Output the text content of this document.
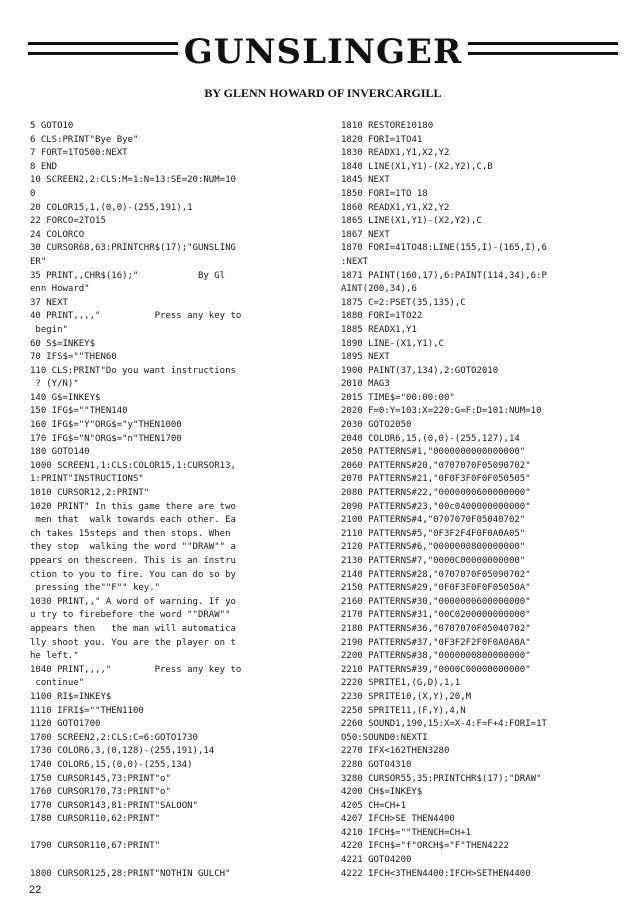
GUNSLINGER
BY GLENN HOWARD OF INVERCARGILL
5 GOTO10
6 CLS:PRINT"Bye Bye"
7 FORT=1TO500:NEXT
8 END
10 SCREEN2,2:CLS:M=1:N=13:SE=20:NUM=10
0
20 COLOR15,1,(0,0)-(255,191),1
22 FORCO=2TO15
24 COLORCO
30 CURSOR68,63:PRINTCHR$(17);"GUNSLING
ER"
35 PRINT,,CHR$(16);"           By Gl
enn Howard"
37 NEXT
40 PRINT,,,,"          Press any key to
begin"
60 S$=INKEY$
70 IFS$=""THEN60
110 CLS:PRINT"Do you want instructions
? (Y/N)"
140 G$=INKEY$
150 IFG$=""THEN140
160 IFG$="Y"ORG$="y"THEN1000
170 IFG$="N"ORG$="n"THEN1700
180 GOTO140
1000 SCREEN1,1:CLS:COLOR15,1:CURSOR13,
1:PRINT"INSTRUCTIONS"
1010 CURSOR12,2:PRINT"
1020 PRINT" In this game there are two
men that  walk towards each other. Ea
ch takes 15steps and then stops. When
they stop  walking the word ""DRAW"" a
ppears on thescreen. This is an instru
ction to you to fire. You can do so by
pressing the""F"" key."
1030 PRINT,," A word of warning. If yo
u try to firebefore the word ""DRAW""
appears then   the man will automatica
lly shoot you. You are the player on t
he left."
1040 PRINT,,,,"        Press any key to
continue"
1100 RI$=INKEY$
1110 IFRI$=""THEN1100
1120 GOTO1700
1700 SCREEN2,2:CLS:C=6:GOTO1730
1730 COLOR6,3,(0,128)-(255,191),14
1740 COLOR6,15,(0,0)-(255,134)
1750 CURSOR145,73:PRINT"o"
1760 CURSOR170,73:PRINT"o"
1770 CURSOR143,81:PRINT"SALOON"
1780 CURSOR110,62:PRINT"
1790 CURSOR110,67:PRINT"
1800 CURSOR125,28:PRINT"NOTHIN GULCH"
1810 RESTORE10180
1820 FORI=1TO41
1830 READX1,Y1,X2,Y2
1840 LINE(X1,Y1)-(X2,Y2),C,B
1845 NEXT
1850 FORI=1TO 18
1860 READX1,Y1,X2,Y2
1865 LINE(X1,Y1)-(X2,Y2),C
1867 NEXT
1870 FORI=41TO48:LINE(155,I)-(165,I),6
:NEXT
1871 PAINT(160,17),6:PAINT(114,34),6:P
AINT(200,34),6
1875 C=2:PSET(35,135),C
1880 FORI=1TO22
1885 READX1,Y1
1890 LINE-(X1,Y1),C
1895 NEXT
1900 PAINT(37,134),2:GOTO2010
2010 MAG3
2015 TIME$="00:00:00"
2020 F=0:Y=103:X=220:G=F:D=101:NUM=10
2030 GOTO2050
2040 COLOR6,15,(0,0)-(255,127),14
2050 PATTERNS#1,"0000000000000000"
2060 PATTERNS#20,"0707070F05090702"
2070 PATTERNS#21,"0F0F3F0F0F050505"
2080 PATTERNS#22,"0000000600000000"
2090 PATTERNS#23,"00c0400000000000"
2100 PATTERNS#4,"0707070F05040702"
2110 PATTERNS#5,"0F3F2F4F0F0A0A05"
2120 PATTERNS#6,"0000000800000000"
2130 PATTERNS#7,"0000C00000000000"
2140 PATTERNS#28,"0707070F05090702"
2150 PATTERNS#29,"0F0F3F0F0F05050A"
2160 PATTERNS#30,"0000000600000000"
2170 PATTERNS#31,"00C0200000000000"
2180 PATTERNS#36,"0707070F05040702"
2190 PATTERNS#37,"0F3F2F2F0F0A0A0A"
2200 PATTERNS#38,"0000000800000000"
2210 PATTERNS#39,"0000C00000000000"
2220 SPRITE1,(G,D),1,1
2230 SPRITE10,(X,Y),20,M
2250 SPRITE11,(F,Y),4,N
2260 SOUND1,190,15:X=X-4:F=F+4:FORI=1T
O50:SOUND0:NEXTI
2270 IFX<162THEN3280
2280 GOTO4310
3280 CURSOR55,35:PRINTCHR$(17);"DRAW"
4200 CH$=INKEY$
4205 CH=CH+1
4207 IFCH>SE THEN4400
4210 IFCH$=""THENCH=CH+1
4220 IFCH$="f"ORCH$="F"THEN4222
4221 GOTO4200
4222 IFCH<3THEN4400:IFCH>SETHEN4400
22
